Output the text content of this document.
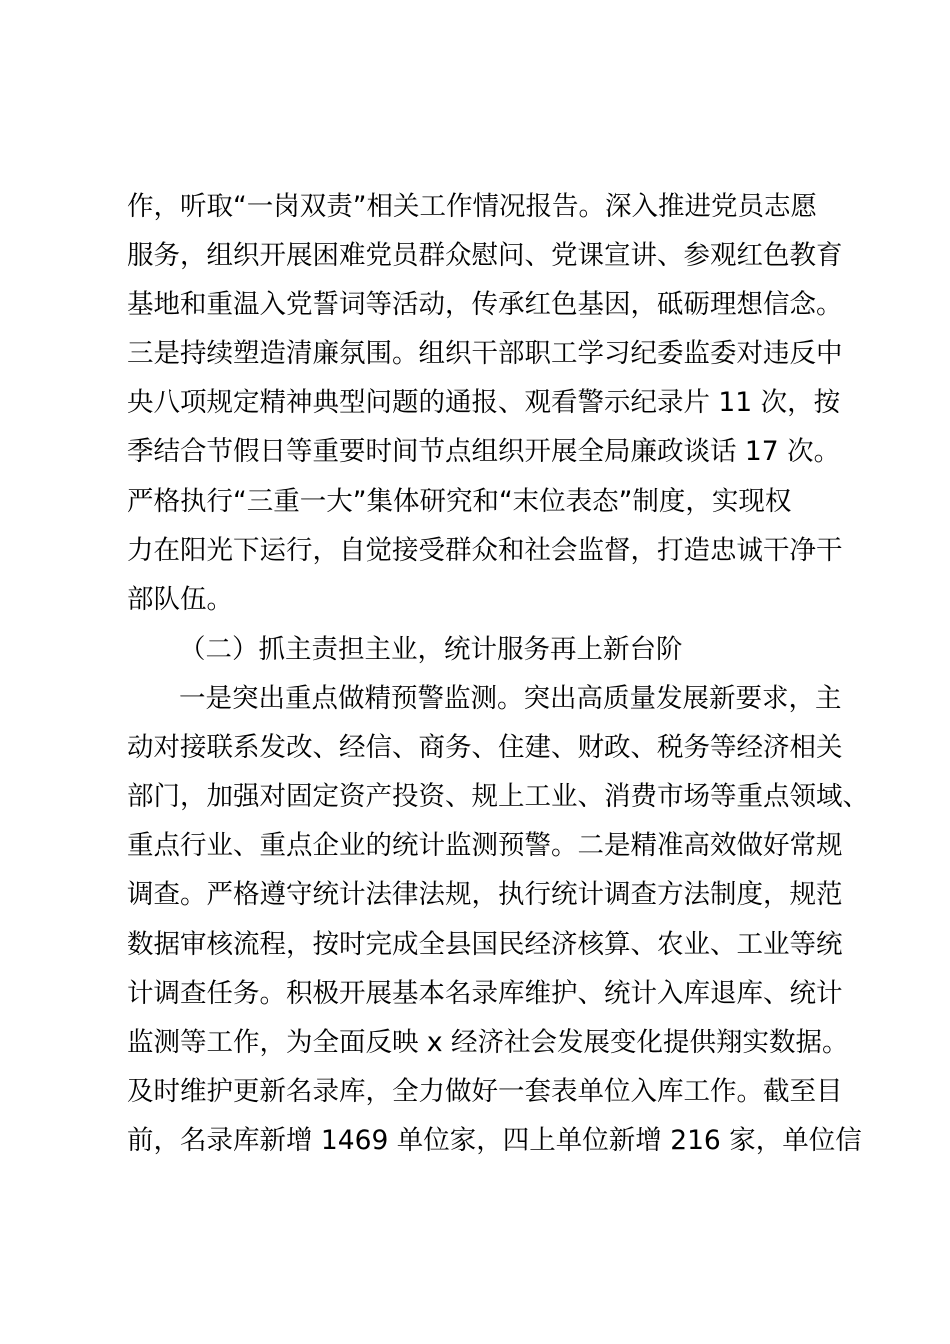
作，听取“一岗双责”相关工作情况报告。深入推进党员志愿
服务，组织开展困难党员群众慰问、党课宣讲、参观红色教育
基地和重温入党誓词等活动，传承红色基因，砥砺理想信念。
三是持续塑造清廉氛围。组织干部职工学习纪委监委对违反中
央八项规定精神典型问题的通报、观看警示纪录片 11 次，按
季结合节假日等重要时间节点组织开展全局廉政谈话 17 次。
严格执行“三重一大”集体研究和“末位表态”制度，实现权
力在阳光下运行，自觉接受群众和社会监督，打造忠诚干净干
部队伍。
（二）抓主责担主业，统计服务再上新台阶
一是突出重点做精预警监测。突出高质量发展新要求，主
动对接联系发改、经信、商务、住建、财政、税务等经济相关
部门，加强对固定资产投资、规上工业、消费市场等重点领域、
重点行业、重点企业的统计监测预警。二是精准高效做好常规
调查。严格遵守统计法律法规，执行统计调查方法制度，规范
数据审核流程，按时完成全县国民经济核算、农业、工业等统
计调查任务。积极开展基本名录库维护、统计入库退库、统计
监测等工作，为全面反映 x 经济社会发展变化提供翔实数据。
及时维护更新名录库，全力做好一套表单位入库工作。截至目
前，名录库新增 1469 单位家，四上单位新增 216 家，单位信
